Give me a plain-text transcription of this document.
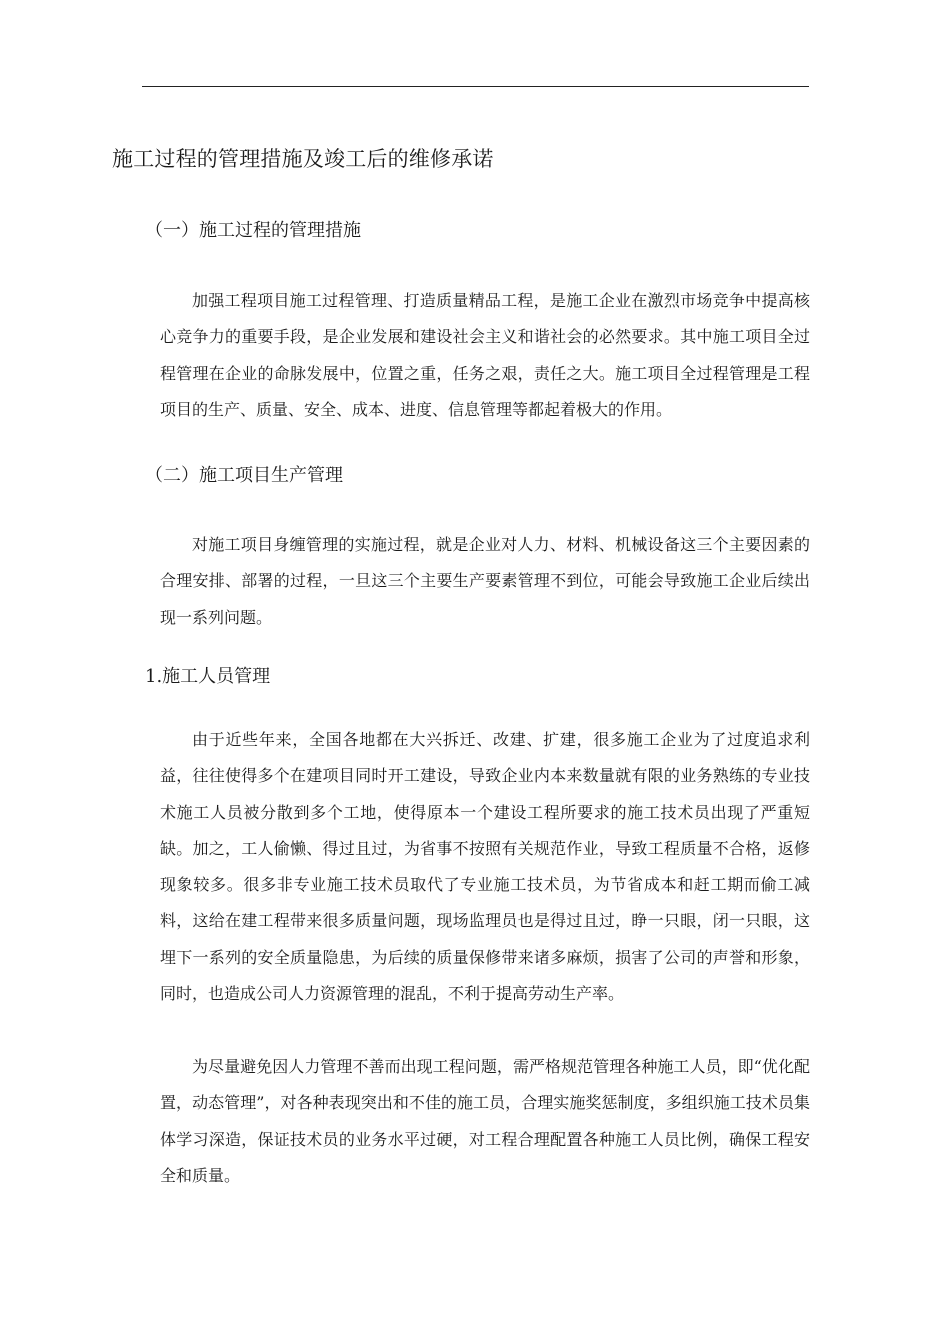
施工过程的管理措施及竣工后的维修承诺
（一）施工过程的管理措施

加强工程项目施工过程管理、打造质量精品工程，是施工企业在激烈市场竞争中提高核心竞争力的重要手段，是企业发展和建设社会主义和谐社会的必然要求。其中施工项目全过程管理在企业的命脉发展中，位置之重，任务之艰，责任之大。施工项目全过程管理是工程项目的生产、质量、安全、成本、进度、信息管理等都起着极大的作用。

（二）施工项目生产管理

对施工项目身缠管理的实施过程，就是企业对人力、材料、机械设备这三个主要因素的合理安排、部署的过程，一旦这三个主要生产要素管理不到位，可能会导致施工企业后续出现一系列问题。

1.施工人员管理

由于近些年来，全国各地都在大兴拆迁、改建、扩建，很多施工企业为了过度追求利益，往往使得多个在建项目同时开工建设，导致企业内本来数量就有限的业务熟练的专业技术施工人员被分散到多个工地，使得原本一个建设工程所要求的施工技术员出现了严重短缺。加之，工人偷懒、得过且过，为省事不按照有关规范作业，导致工程质量不合格，返修现象较多。很多非专业施工技术员取代了专业施工技术员，为节省成本和赶工期而偷工减料，这给在建工程带来很多质量问题，现场监理员也是得过且过，睁一只眼，闭一只眼，这埋下一系列的安全质量隐患，为后续的质量保修带来诸多麻烦，损害了公司的声誉和形象，同时，也造成公司人力资源管理的混乱，不利于提高劳动生产率。

为尽量避免因人力管理不善而出现工程问题，需严格规范管理各种施工人员，即“优化配置，动态管理”，对各种表现突出和不佳的施工员，合理实施奖惩制度，多组织施工技术员集体学习深造，保证技术员的业务水平过硬，对工程合理配置各种施工人员比例，确保工程安全和质量。
